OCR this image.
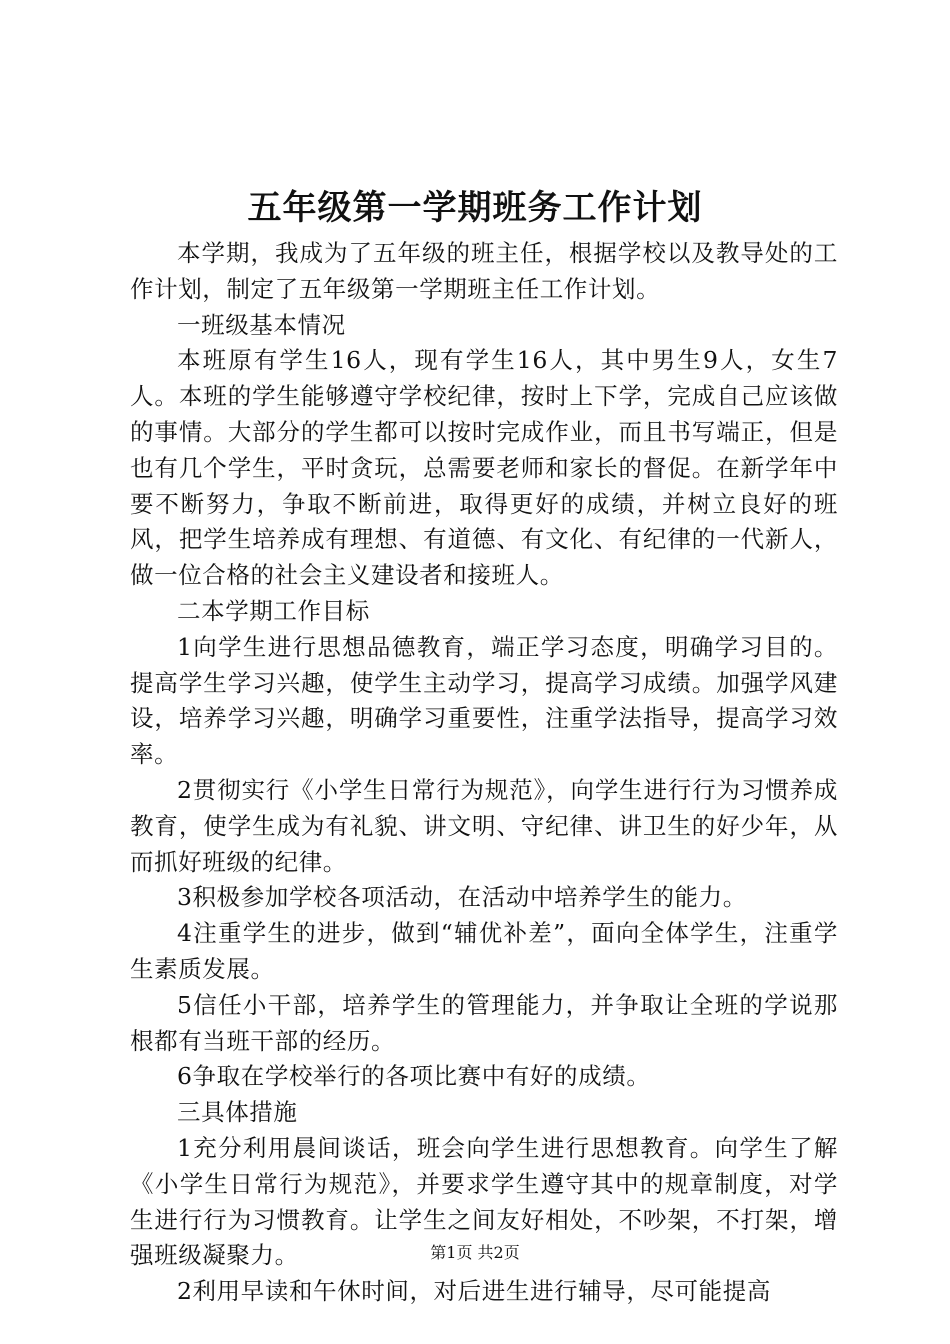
五年级第一学期班务工作计划

本学期，我成为了五年级的班主任，根据学校以及教导处的工作计划，制定了五年级第一学期班主任工作计划。

一班级基本情况

本班原有学生16人，现有学生16人，其中男生9人，女生7人。本班的学生能够遵守学校纪律，按时上下学，完成自己应该做的事情。大部分的学生都可以按时完成作业，而且书写端正，但是也有几个学生，平时贪玩，总需要老师和家长的督促。在新学年中要不断努力，争取不断前进，取得更好的成绩，并树立良好的班风，把学生培养成有理想、有道德、有文化、有纪律的一代新人，做一位合格的社会主义建设者和接班人。

二本学期工作目标

1向学生进行思想品德教育，端正学习态度，明确学习目的。提高学生学习兴趣，使学生主动学习，提高学习成绩。加强学风建设，培养学习兴趣，明确学习重要性，注重学法指导，提高学习效率。

2贯彻实行《小学生日常行为规范》，向学生进行行为习惯养成教育，使学生成为有礼貌、讲文明、守纪律、讲卫生的好少年，从而抓好班级的纪律。

3积极参加学校各项活动，在活动中培养学生的能力。

4注重学生的进步，做到“辅优补差”，面向全体学生，注重学生素质发展。

5信任小干部，培养学生的管理能力，并争取让全班的学说那根都有当班干部的经历。

6争取在学校举行的各项比赛中有好的成绩。

三具体措施

1充分利用晨间谈话，班会向学生进行思想教育。向学生了解《小学生日常行为规范》，并要求学生遵守其中的规章制度，对学生进行行为习惯教育。让学生之间友好相处，不吵架，不打架，增强班级凝聚力。

2利用早读和午休时间，对后进生进行辅导，尽可能提高

第1页 共2页
